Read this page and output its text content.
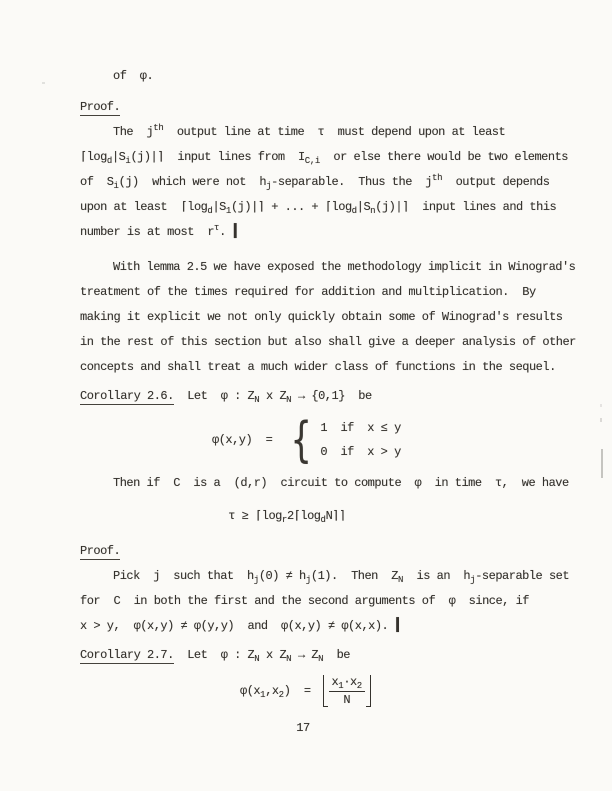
of  φ.
Proof.
The  $j^{th}$  output line at time  τ  must depend upon at least
$⌈\log_d|S_i(j)|⌉$  input lines from  $I_{C,i}$  or else there would be two elements
of  $S_i(j)$  which were not  $h_j$-separable.  Thus the  $j^{th}$  output depends
upon at least  $⌈\log_d|S_1(j)|⌉$ + ... + $⌈\log_d|S_n(j)|⌉$  input lines and this
number is at most  $r^\tau$. ▍
With lemma 2.5 we have exposed the methodology implicit in Winograd's
treatment of the times required for addition and multiplication.  By
making it explicit we not only quickly obtain some of Winograd's results
in the rest of this section but also shall give a deeper analysis of other
concepts and shall treat a much wider class of functions in the sequel.
Corollary 2.6.  Let  φ : $Z_N$ x $Z_N \to \{0,1\}$  be
φ(x,y)  = { 1  if  x ≤ y
0  if  x > y
Then if  C  is a  (d,r)  circuit to compute  φ  in time  τ,  we have
$\tau \ge ⌈\log_r2⌈\log_dN⌉⌉$
Proof.
Pick  j  such that  $h_j(0) \ne h_j(1)$.  Then  $Z_N$  is an  $h_j$-separable set
for  C  in both the first and the second arguments of  φ  since, if
x > y,  φ(x,y) ≠ φ(y,y)  and  φ(x,y) ≠ φ(x,x). ▍
Corollary 2.7.  Let  φ : $Z_N$ x $Z_N \to Z_N$  be
$\varphi(x_1,x_2) = \frac{x_1\cdot x_2}{N}$
17
